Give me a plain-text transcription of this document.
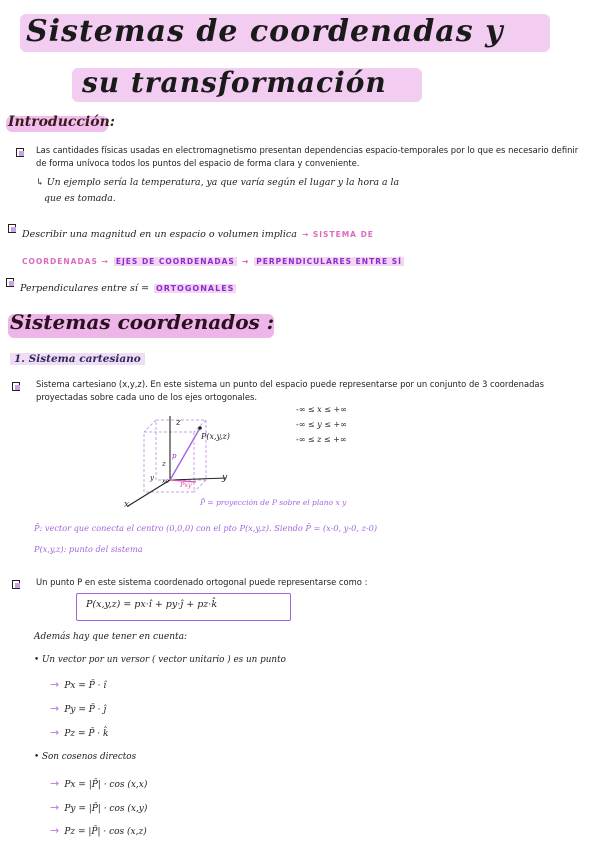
Sistemas de coordenadas y
su transformación
Introducción:
Las cantidades físicas usadas en electromagnetismo presentan dependencias espacio-temporales por lo que es necesario definir
de forma unívoca todos los puntos del espacio de forma clara y conveniente.
↳ Un ejemplo sería la temperatura, ya que varía según el lugar y la hora a la
que es tomada.
Describir una magnitud en un espacio o volumen implica → SISTEMA DE
COORDENADAS → EJES DE COORDENADAS → PERPENDICULARES ENTRE SÍ
Perpendiculares entre sí = ORTOGONALES
Sistemas coordenados :
1. Sistema cartesiano
Sistema cartesiano (x,y,z). En este sistema un punto del espacio puede representarse por un conjunto de 3 coordenadas
proyectadas sobre cada uno de los ejes ortogonales.
-∞ ≤ x ≤ +∞
-∞ ≤ y ≤ +∞
-∞ ≤ z ≤ +∞
P(x,y,z)
z
y
x
p
z
P̄xy
xo
y
P̄ = proyección de P sobre el plano x y
P̄: vector que conecta el centro (0,0,0) con el pto P(x,y,z). Siendo P̄ = (x-0, y-0, z-0)
P(x,y,z): punto del sistema
Un punto P en este sistema coordenado ortogonal puede representarse como :
P(x,y,z) = px·î + py·ĵ + pz·k̂
Además hay que tener en cuenta:
• Un vector por un versor ( vector unitario ) es un punto
→ Px = P̄ · î
→ Py = P̄ · ĵ
→ Pz = P̄ · k̂
• Son cosenos directos
→ Px = |P̄| · cos (x,x)
→ Py = |P̄| · cos (x,y)
→ Pz = |P̄| · cos (x,z)
